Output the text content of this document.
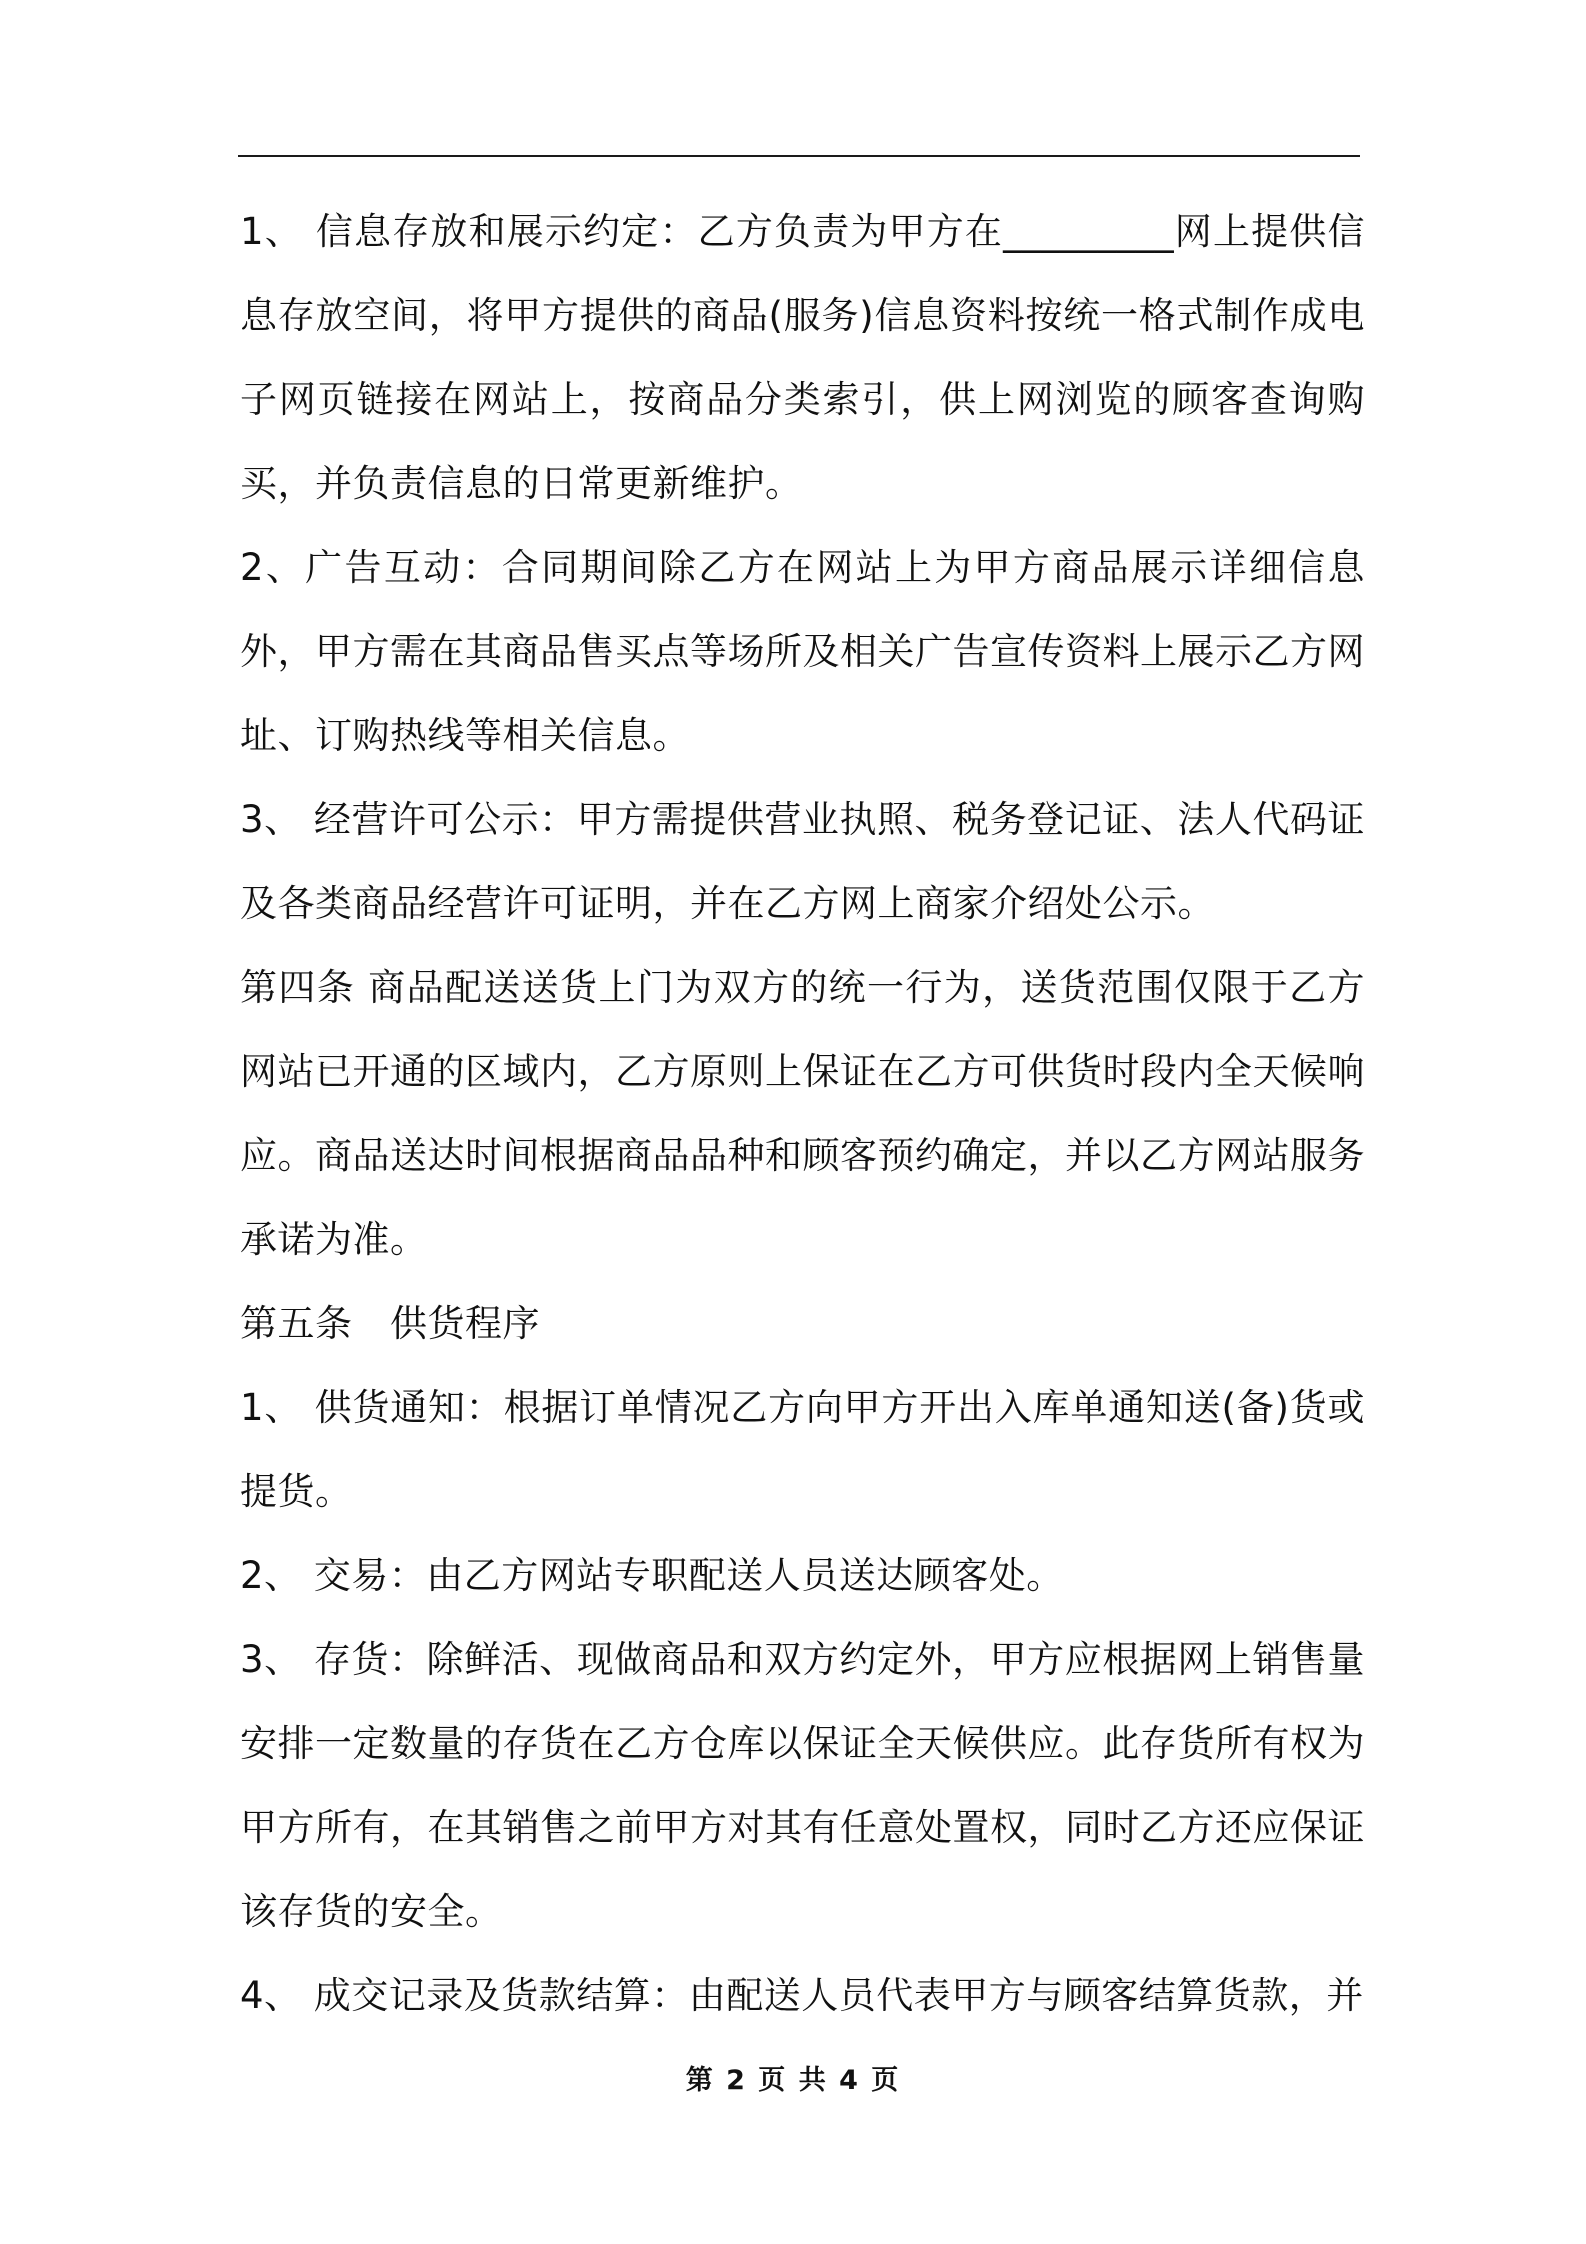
1、 信息存放和展示约定：乙方负责为甲方在_________网上提供信息存放空间，将甲方提供的商品(服务)信息资料按统一格式制作成电子网页链接在网站上，按商品分类索引，供上网浏览的顾客查询购买，并负责信息的日常更新维护。

2、广告互动：合同期间除乙方在网站上为甲方商品展示详细信息外，甲方需在其商品售买点等场所及相关广告宣传资料上展示乙方网址、订购热线等相关信息。

3、 经营许可公示：甲方需提供营业执照、税务登记证、法人代码证及各类商品经营许可证明，并在乙方网上商家介绍处公示。

第四条 商品配送送货上门为双方的统一行为，送货范围仅限于乙方网站已开通的区域内，乙方原则上保证在乙方可供货时段内全天候响应。商品送达时间根据商品品种和顾客预约确定，并以乙方网站服务承诺为准。

第五条　供货程序

1、 供货通知：根据订单情况乙方向甲方开出入库单通知送(备)货或提货。

2、 交易：由乙方网站专职配送人员送达顾客处。

3、 存货：除鲜活、现做商品和双方约定外，甲方应根据网上销售量安排一定数量的存货在乙方仓库以保证全天候供应。此存货所有权为甲方所有，在其销售之前甲方对其有任意处置权，同时乙方还应保证该存货的安全。

4、 成交记录及货款结算：由配送人员代表甲方与顾客结算货款，并

第 2 页 共 4 页
